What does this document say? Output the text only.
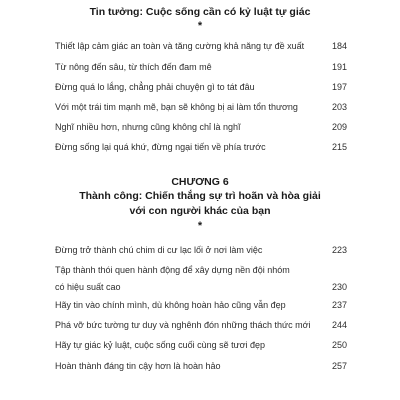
Tin tưởng: Cuộc sống cần có kỷ luật tự giác
*
Thiết lập cảm giác an toàn và tăng cường khả năng tự đề xuất	184
Từ nông đến sâu, từ thích đến đam mê	191
Đừng quá lo lắng, chẳng phải chuyện gì to tát đâu	197
Với một trái tim mạnh mẽ, bạn sẽ không bị ai làm tổn thương	203
Nghĩ nhiều hơn, nhưng cũng không chỉ là nghĩ	209
Đừng sống lại quá khứ, đừng ngại tiến về phía trước	215
CHƯƠNG 6
Thành công: Chiến thắng sự trì hoãn và hòa giải
với con người khác của bạn
*
Đừng trở thành chú chim di cư lạc lối ở nơi làm việc	223
Tập thành thói quen hành động để xây dựng nền đội nhóm
có hiệu suất cao	230
Hãy tin vào chính mình, dù không hoàn hảo cũng vẫn đẹp	237
Phá vỡ bức tường tư duy và nghênh đón những thách thức mới 244
Hãy tự giác kỷ luật, cuộc sống cuối cùng sẽ tươi đẹp	250
Hoàn thành đáng tin cậy hơn là hoàn hảo	257
